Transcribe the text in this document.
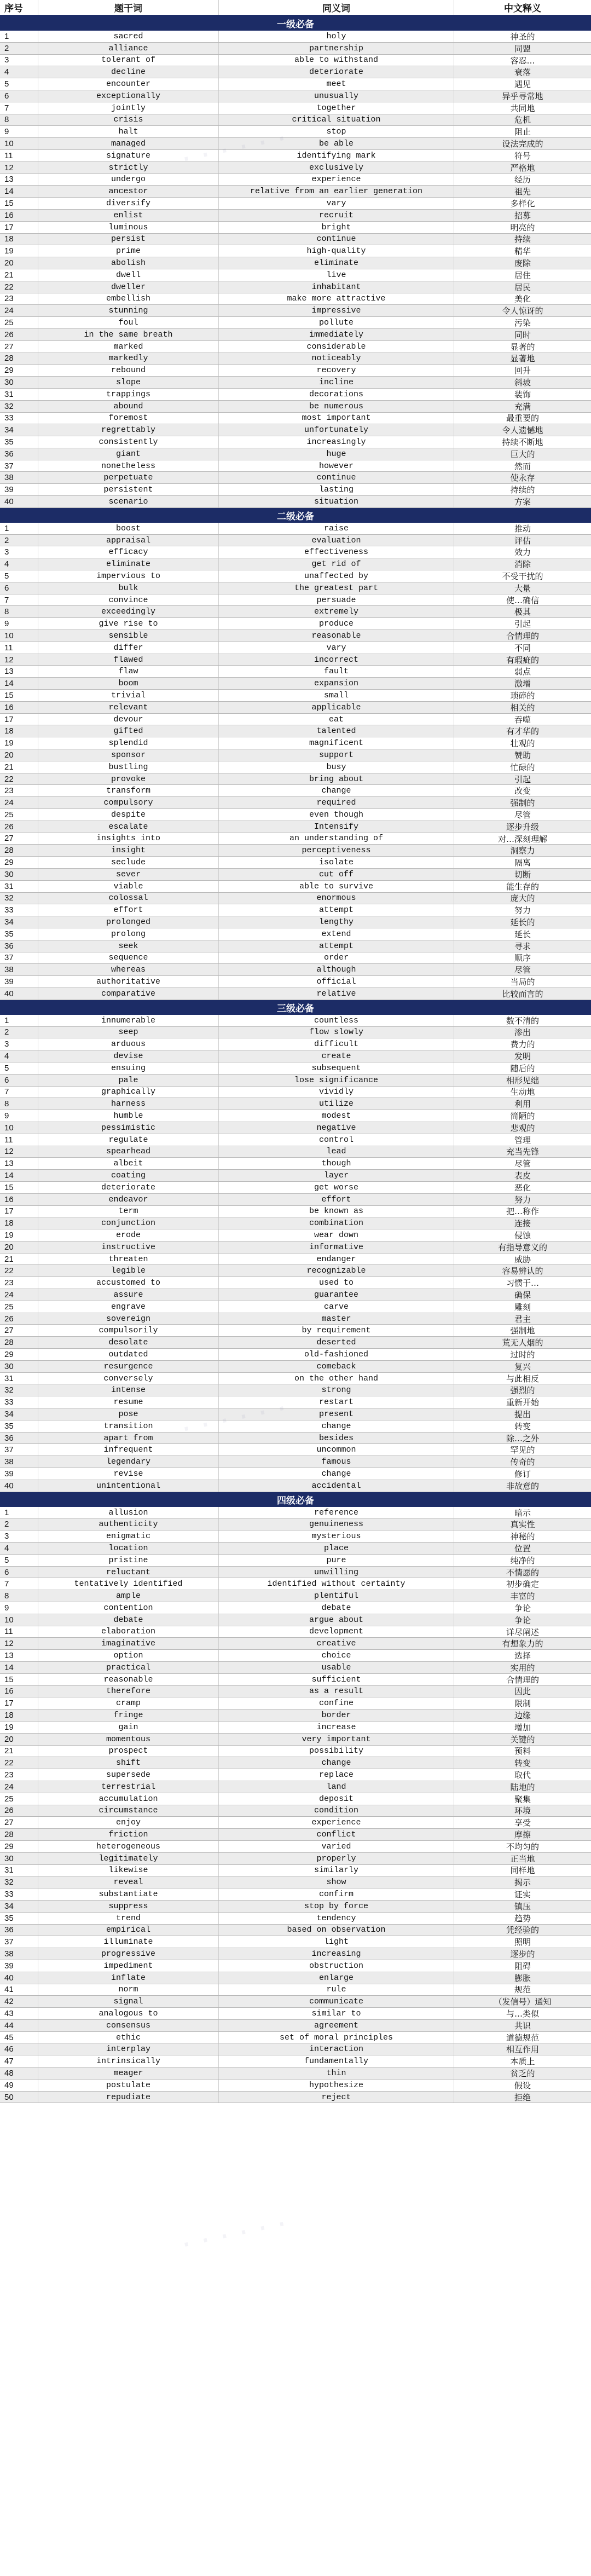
序号	题干词	同义词	中文释义
一级必备
1	sacred	holy	神圣的
2	alliance	partnership	同盟
3	tolerant of	able to withstand	容忍…
4	decline	deteriorate	衰落
5	encounter	meet	遇见
6	exceptionally	unusually	异乎寻常地
7	jointly	together	共同地
8	crisis	critical situation	危机
9	halt	stop	阻止
10	managed	be able	设法完成的
11	signature	identifying mark	符号
12	strictly	exclusively	严格地
13	undergo	experience	经历
14	ancestor	relative from an earlier generation	祖先
15	diversify	vary	多样化
16	enlist	recruit	招募
17	luminous	bright	明亮的
18	persist	continue	持续
19	prime	high-quality	精华
20	abolish	eliminate	废除
21	dwell	live	居住
22	dweller	inhabitant	居民
23	embellish	make more attractive	美化
24	stunning	impressive	令人惊讶的
25	foul	pollute	污染
26	in the same breath	immediately	同时
27	marked	considerable	显著的
28	markedly	noticeably	显著地
29	rebound	recovery	回升
30	slope	incline	斜坡
31	trappings	decorations	装饰
32	abound	be numerous	充满
33	foremost	most important	最重要的
34	regrettably	unfortunately	令人遗憾地
35	consistently	increasingly	持续不断地
36	giant	huge	巨大的
37	nonetheless	however	然而
38	perpetuate	continue	使永存
39	persistent	lasting	持续的
40	scenario	situation	方案
二级必备
1	boost	raise	推动
2	appraisal	evaluation	评估
3	efficacy	effectiveness	效力
4	eliminate	get rid of	消除
5	impervious to	unaffected by	不受干扰的
6	bulk	the greatest part	大量
7	convince	persuade	使…确信
8	exceedingly	extremely	极其
9	give rise to	produce	引起
10	sensible	reasonable	合情理的
11	differ	vary	不同
12	flawed	incorrect	有瑕疵的
13	flaw	fault	弱点
14	boom	expansion	激增
15	trivial	small	琐碎的
16	relevant	applicable	相关的
17	devour	eat	吞噬
18	gifted	talented	有才华的
19	splendid	magnificent	壮观的
20	sponsor	support	赞助
21	bustling	busy	忙碌的
22	provoke	bring about	引起
23	transform	change	改变
24	compulsory	required	强制的
25	despite	even though	尽管
26	escalate	Intensify	逐步升级
27	insights into	an understanding of	对…深刻理解
28	insight	perceptiveness	洞察力
29	seclude	isolate	隔离
30	sever	cut off	切断
31	viable	able to survive	能生存的
32	colossal	enormous	庞大的
33	effort	attempt	努力
34	prolonged	lengthy	延长的
35	prolong	extend	延长
36	seek	attempt	寻求
37	sequence	order	顺序
38	whereas	although	尽管
39	authoritative	official	当局的
40	comparative	relative	比较而言的
三级必备
1	innumerable	countless	数不清的
2	seep	flow slowly	渗出
3	arduous	difficult	费力的
4	devise	create	发明
5	ensuing	subsequent	随后的
6	pale	lose significance	相形见绌
7	graphically	vividly	生动地
8	harness	utilize	利用
9	humble	modest	简陋的
10	pessimistic	negative	悲观的
11	regulate	control	管理
12	spearhead	lead	充当先锋
13	albeit	though	尽管
14	coating	layer	表皮
15	deteriorate	get worse	恶化
16	endeavor	effort	努力
17	term	be known as	把…称作
18	conjunction	combination	连接
19	erode	wear down	侵蚀
20	instructive	informative	有指导意义的
21	threaten	endanger	威胁
22	legible	recognizable	容易辨认的
23	accustomed to	used to	习惯于…
24	assure	guarantee	确保
25	engrave	carve	雕刻
26	sovereign	master	君主
27	compulsorily	by requirement	强制地
28	desolate	deserted	荒无人烟的
29	outdated	old-fashioned	过时的
30	resurgence	comeback	复兴
31	conversely	on the other hand	与此相反
32	intense	strong	强烈的
33	resume	restart	重新开始
34	pose	present	提出
35	transition	change	转变
36	apart from	besides	除…之外
37	infrequent	uncommon	罕见的
38	legendary	famous	传奇的
39	revise	change	修订
40	unintentional	accidental	非故意的
四级必备
1	allusion	reference	暗示
2	authenticity	genuineness	真实性
3	enigmatic	mysterious	神秘的
4	location	place	位置
5	pristine	pure	纯净的
6	reluctant	unwilling	不情愿的
7	tentatively identified	identified without certainty	初步确定
8	ample	plentiful	丰富的
9	contention	debate	争论
10	debate	argue about	争论
11	elaboration	development	详尽阐述
12	imaginative	creative	有想象力的
13	option	choice	选择
14	practical	usable	实用的
15	reasonable	sufficient	合情理的
16	therefore	as a result	因此
17	cramp	confine	限制
18	fringe	border	边缘
19	gain	increase	增加
20	momentous	very important	关键的
21	prospect	possibility	预料
22	shift	change	转变
23	supersede	replace	取代
24	terrestrial	land	陆地的
25	accumulation	deposit	聚集
26	circumstance	condition	环境
27	enjoy	experience	享受
28	friction	conflict	摩擦
29	heterogeneous	varied	不均匀的
30	legitimately	properly	正当地
31	likewise	similarly	同样地
32	reveal	show	揭示
33	substantiate	confirm	证实
34	suppress	stop by force	镇压
35	trend	tendency	趋势
36	empirical	based on observation	凭经验的
37	illuminate	light	照明
38	progressive	increasing	逐步的
39	impediment	obstruction	阻碍
40	inflate	enlarge	膨胀
41	norm	rule	规范
42	signal	communicate	（发信号）通知
43	analogous to	similar to	与…类似
44	consensus	agreement	共识
45	ethic	set of moral principles	道德规范
46	interplay	interaction	相互作用
47	intrinsically	fundamentally	本质上
48	meager	thin	贫乏的
49	postulate	hypothesize	假设
50	repudiate	reject	拒绝
· · · · · ·
